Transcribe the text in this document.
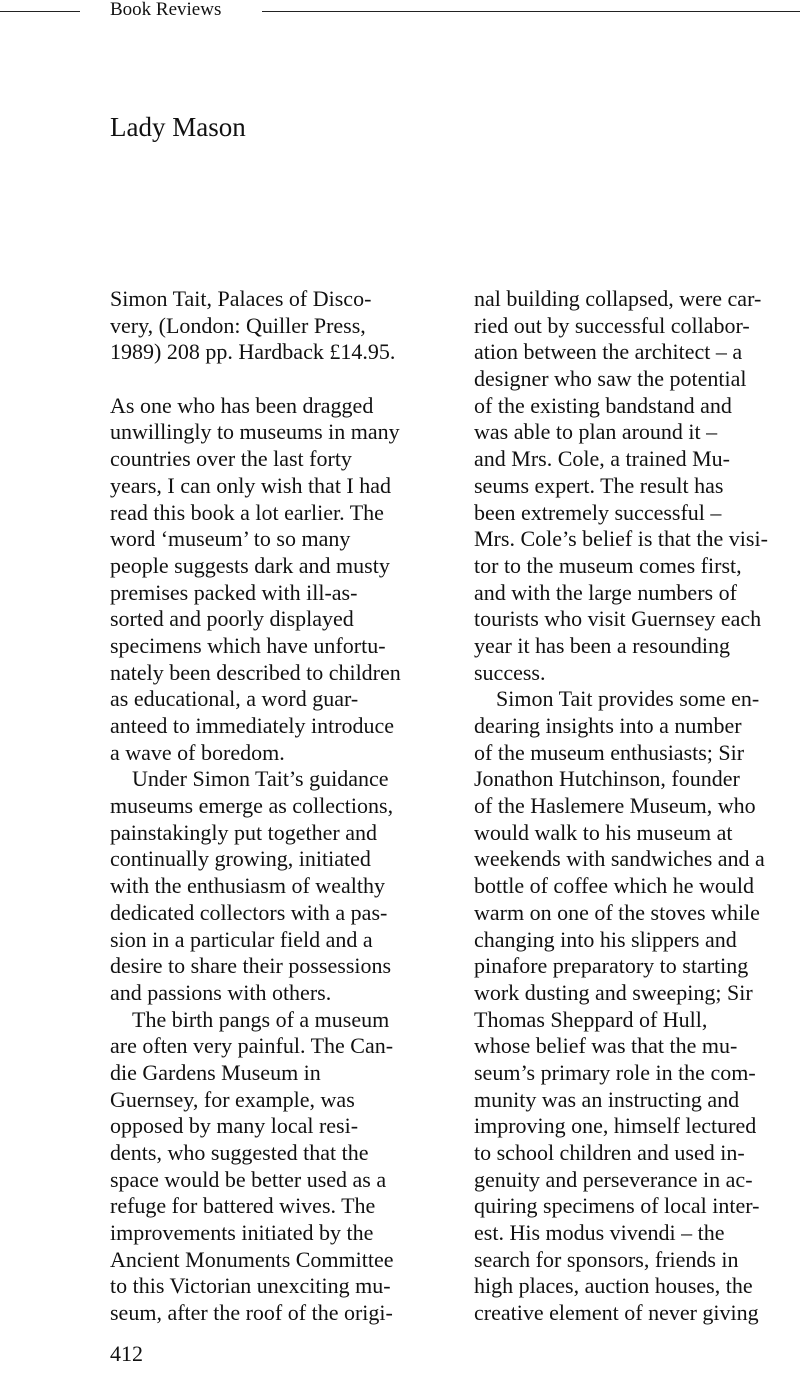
Book Reviews
Lady Mason
Simon Tait, Palaces of Disco-
very, (London: Quiller Press,
1989) 208 pp. Hardback £14.95.
As one who has been dragged
unwillingly to museums in many
countries over the last forty
years, I can only wish that I had
read this book a lot earlier. The
word ‘museum’ to so many
people suggests dark and musty
premises packed with ill-as-
sorted and poorly displayed
specimens which have unfortu-
nately been described to children
as educational, a word guar-
anteed to immediately introduce
a wave of boredom.
Under Simon Tait’s guidance
museums emerge as collections,
painstakingly put together and
continually growing, initiated
with the enthusiasm of wealthy
dedicated collectors with a pas-
sion in a particular field and a
desire to share their possessions
and passions with others.
The birth pangs of a museum
are often very painful. The Can-
die Gardens Museum in
Guernsey, for example, was
opposed by many local resi-
dents, who suggested that the
space would be better used as a
refuge for battered wives. The
improvements initiated by the
Ancient Monuments Committee
to this Victorian unexciting mu-
seum, after the roof of the origi-
nal building collapsed, were car-
ried out by successful collabor-
ation between the architect – a
designer who saw the potential
of the existing bandstand and
was able to plan around it –
and Mrs. Cole, a trained Mu-
seums expert. The result has
been extremely successful –
Mrs. Cole’s belief is that the visi-
tor to the museum comes first,
and with the large numbers of
tourists who visit Guernsey each
year it has been a resounding
success.
Simon Tait provides some en-
dearing insights into a number
of the museum enthusiasts; Sir
Jonathon Hutchinson, founder
of the Haslemere Museum, who
would walk to his museum at
weekends with sandwiches and a
bottle of coffee which he would
warm on one of the stoves while
changing into his slippers and
pinafore preparatory to starting
work dusting and sweeping; Sir
Thomas Sheppard of Hull,
whose belief was that the mu-
seum’s primary role in the com-
munity was an instructing and
improving one, himself lectured
to school children and used in-
genuity and perseverance in ac-
quiring specimens of local inter-
est. His modus vivendi – the
search for sponsors, friends in
high places, auction houses, the
creative element of never giving
412
